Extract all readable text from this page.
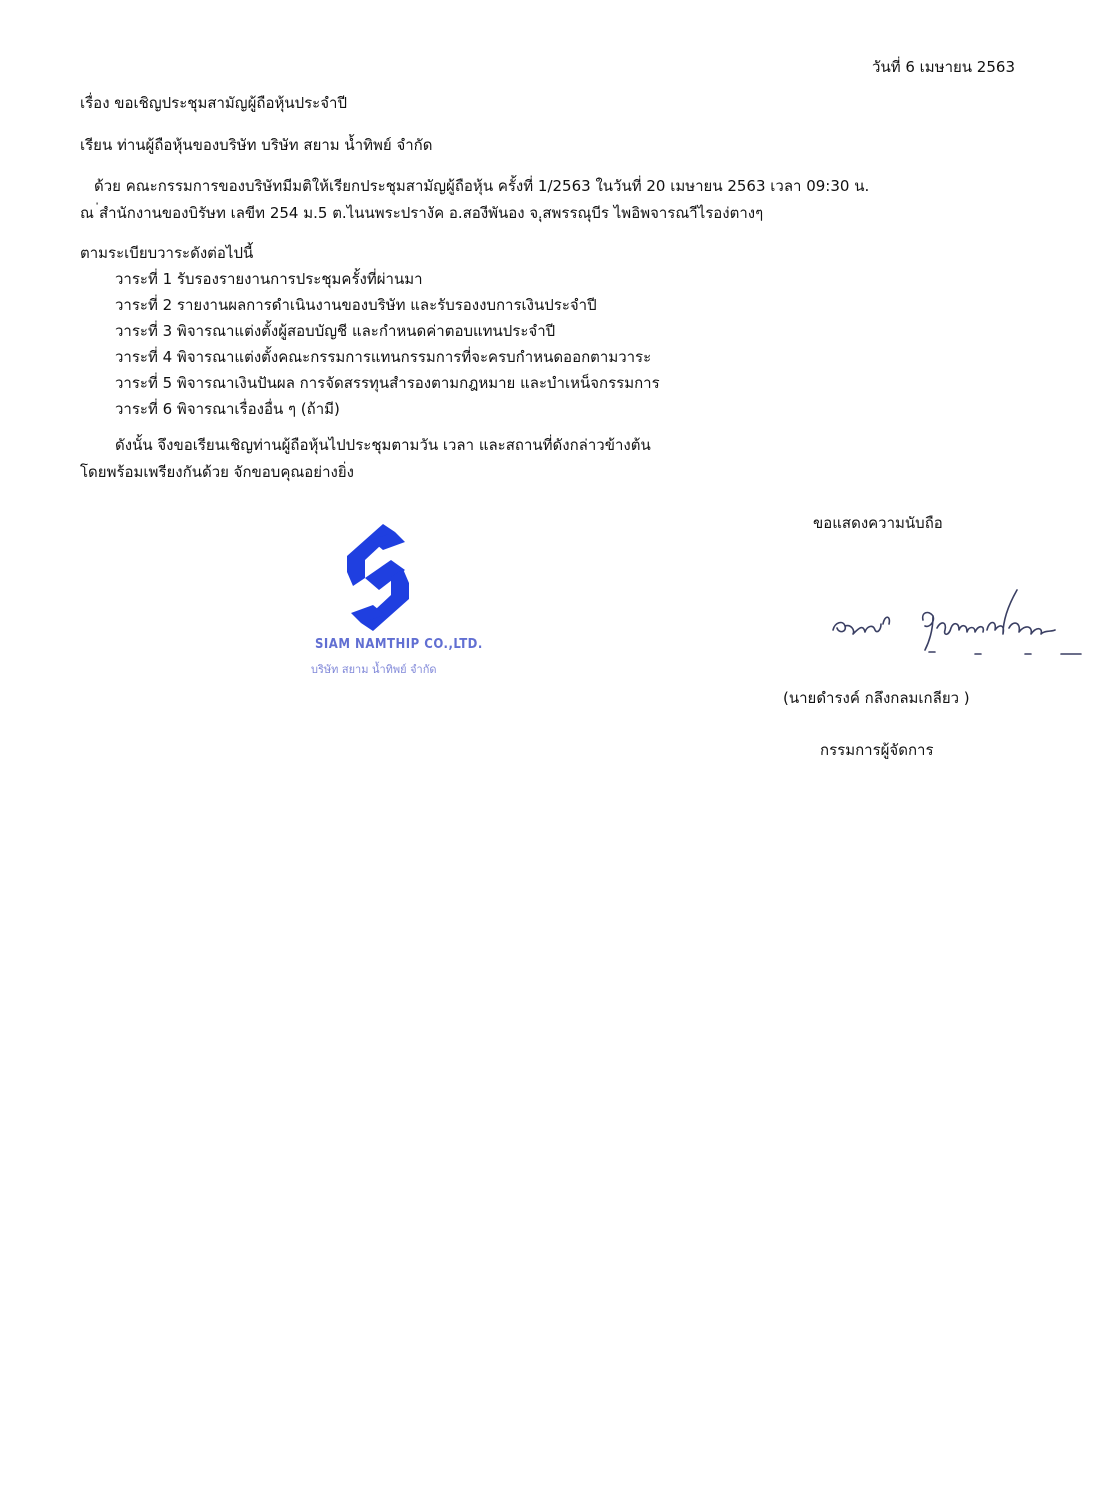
วันที่ 6 เมษายน 2563
เรื่อง ขอเชิญประชุมสามัญผู้ถือหุ้นประจำปี
เรียน ท่านผู้ถือหุ้นของบริษัท บริษัท สยาม น้ำทิพย์ จำกัด
ด้วย คณะกรรมการของบริษัทมีมติให้เรียกประชุมสามัญผู้ถือหุ้น ครั้งที่ 1/2563 ในวันที่ 20 เมษายน 2563 เวลา 09:30 น.
ณ ่สำนักงานของบิรัษท เลขีท 254 ม.5 ต.ไนนพระปรางัค อ.สองีพันอง จ.ุสพรรณุบีร ไพอิพจารณาีไรอง่ตางๆ
ตามระเบียบวาระดังต่อไปนี้
วาระที่ 1 รับรองรายงานการประชุมครั้งที่ผ่านมา
วาระที่ 2 รายงานผลการดำเนินงานของบริษัท และรับรองงบการเงินประจำปี
วาระที่ 3 พิจารณาแต่งตั้งผู้สอบบัญชี และกำหนดค่าตอบแทนประจำปี
วาระที่ 4 พิจารณาแต่งตั้งคณะกรรมการแทนกรรมการที่จะครบกำหนดออกตามวาระ
วาระที่ 5 พิจารณาเงินปันผล การจัดสรรทุนสำรองตามกฎหมาย และบำเหน็จกรรมการ
วาระที่ 6 พิจารณาเรื่องอื่น ๆ (ถ้ามี)
ดังนั้น จึงขอเรียนเชิญท่านผู้ถือหุ้นไปประชุมตามวัน เวลา และสถานที่ดังกล่าวข้างต้น
โดยพร้อมเพรียงกันด้วย จักขอบคุณอย่างยิ่ง
SIAM NAMTHIP CO.,LTD.
บริษัท สยาม น้ำทิพย์ จำกัด
ขอแสดงความนับถือ
(นายดำรงค์ กลึงกลมเกลียว )
กรรมการผู้จัดการ
